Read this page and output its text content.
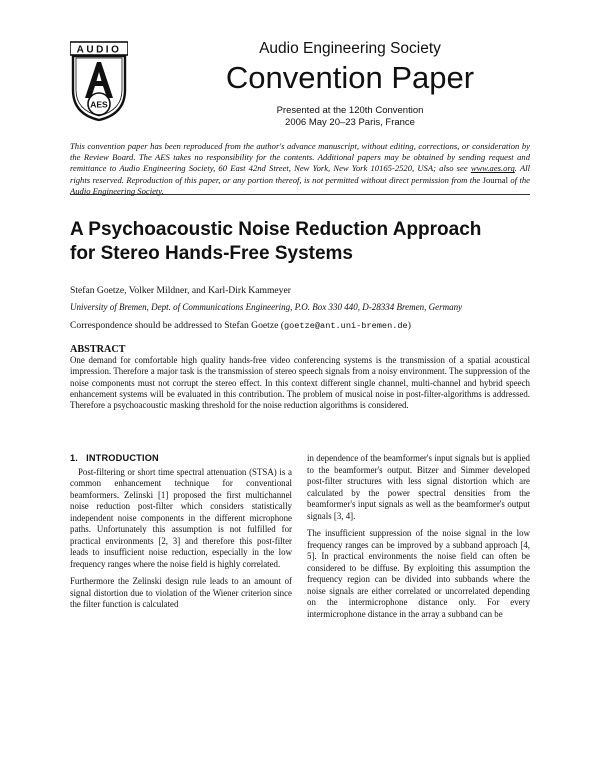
AUDIO
AES
Audio Engineering Society
Convention Paper
Presented at the 120th Convention
2006 May 20–23 Paris, France
This convention paper has been reproduced from the author's advance manuscript, without editing, corrections, or consideration by the Review Board. The AES takes no responsibility for the contents. Additional papers may be obtained by sending request and remittance to Audio Engineering Society, 60 East 42nd Street, New York, New York 10165-2520, USA; also see www.aes.org. All rights reserved. Reproduction of this paper, or any portion thereof, is not permitted without direct permission from the Journal of the Audio Engineering Society.
A Psychoacoustic Noise Reduction Approach
for Stereo Hands-Free Systems
Stefan Goetze, Volker Mildner, and Karl-Dirk Kammeyer
University of Bremen, Dept. of Communications Engineering, P.O. Box 330 440, D-28334 Bremen, Germany
Correspondence should be addressed to Stefan Goetze (goetze@ant.uni-bremen.de)
ABSTRACT
One demand for comfortable high quality hands-free video conferencing systems is the transmission of a spatial acoustical impression. Therefore a major task is the transmission of stereo speech signals from a noisy environment. The suppression of the noise components must not corrupt the stereo effect. In this context different single channel, multi-channel and hybrid speech enhancement systems will be evaluated in this contribution. The problem of musical noise in post-filter-algorithms is addressed. Therefore a psychoacoustic masking threshold for the noise reduction algorithms is considered.
1. INTRODUCTION

Post-filtering or short time spectral attenuation (STSA) is a common enhancement technique for conventional beamformers. Zelinski [1] proposed the first multichannel noise reduction post-filter which considers statistically independent noise components in the different microphone paths. Unfortunately this assumption is not fulfilled for practical environments [2, 3] and therefore this post-filter leads to insufficient noise reduction, especially in the low frequency ranges where the noise field is highly correlated.

Furthermore the Zelinski design rule leads to an amount of signal distortion due to violation of the Wiener criterion since the filter function is calculated

in dependence of the beamformer's input signals but is applied to the beamformer's output. Bitzer and Simmer developed post-filter structures with less signal distortion which are calculated by the power spectral densities from the beamformer's input signals as well as the beamformer's output signals [3, 4].

The insufficient suppression of the noise signal in the low frequency ranges can be improved by a subband approach [4, 5]. In practical environments the noise field can often be considered to be diffuse. By exploiting this assumption the frequency region can be divided into subbands where the noise signals are either correlated or uncorrelated depending on the intermicrophone distance only. For every intermicrophone distance in the array a subband can be
